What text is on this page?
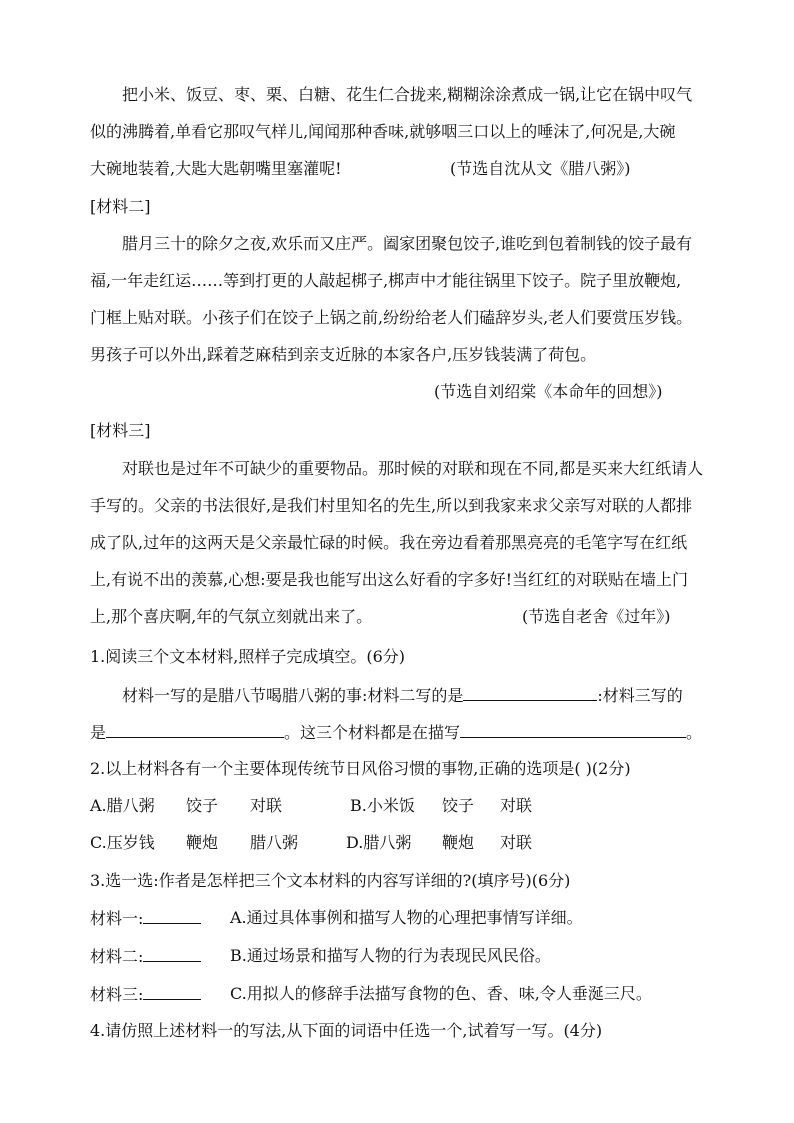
把小米、饭豆、枣、栗、白糖、花生仁合拢来,糊糊涂涂煮成一锅,让它在锅中叹气
似的沸腾着,单看它那叹气样儿,闻闻那种香味,就够咽三口以上的唾沫了,何况是,大碗
大碗地装着,大匙大匙朝嘴里塞灌呢!	(节选自沈从文《腊八粥》)
[材料二]
腊月三十的除夕之夜,欢乐而又庄严。阖家团聚包饺子,谁吃到包着制钱的饺子最有
福,一年走红运……等到打更的人敲起梆子,梆声中才能往锅里下饺子。院子里放鞭炮,
门框上贴对联。小孩子们在饺子上锅之前,纷纷给老人们磕辞岁头,老人们要赏压岁钱。
男孩子可以外出,踩着芝麻秸到亲支近脉的本家各户,压岁钱装满了荷包。
(节选自刘绍棠《本命年的回想》)
[材料三]
对联也是过年不可缺少的重要物品。那时候的对联和现在不同,都是买来大红纸请人
手写的。父亲的书法很好,是我们村里知名的先生,所以到我家来求父亲写对联的人都排
成了队,过年的这两天是父亲最忙碌的时候。我在旁边看着那黑亮亮的毛笔字写在红纸
上,有说不出的羡慕,心想:要是我也能写出这么好看的字多好!当红红的对联贴在墙上门
上,那个喜庆啊,年的气氛立刻就出来了。	(节选自老舍《过年》)
1.阅读三个文本材料,照样子完成填空。(6分)
材料一写的是腊八节喝腊八粥的事:材料二写的是	:材料三写的
是	。这三个材料都是在描写	。
2.以上材料各有一个主要体现传统节日风俗习惯的事物,正确的选项是( )(2分)
A.腊八粥 饺子 对联	B.小米饭 饺子 对联
C.压岁钱 鞭炮 腊八粥	D.腊八粥 鞭炮 对联
3.选一选:作者是怎样把三个文本材料的内容写详细的?(填序号)(6分)
材料一:	A.通过具体事例和描写人物的心理把事情写详细。
材料二:	B.通过场景和描写人物的行为表现民风民俗。
材料三:	C.用拟人的修辞手法描写食物的色、香、味,令人垂涎三尺。
4.请仿照上述材料一的写法,从下面的词语中任选一个,试着写一写。(4分)
